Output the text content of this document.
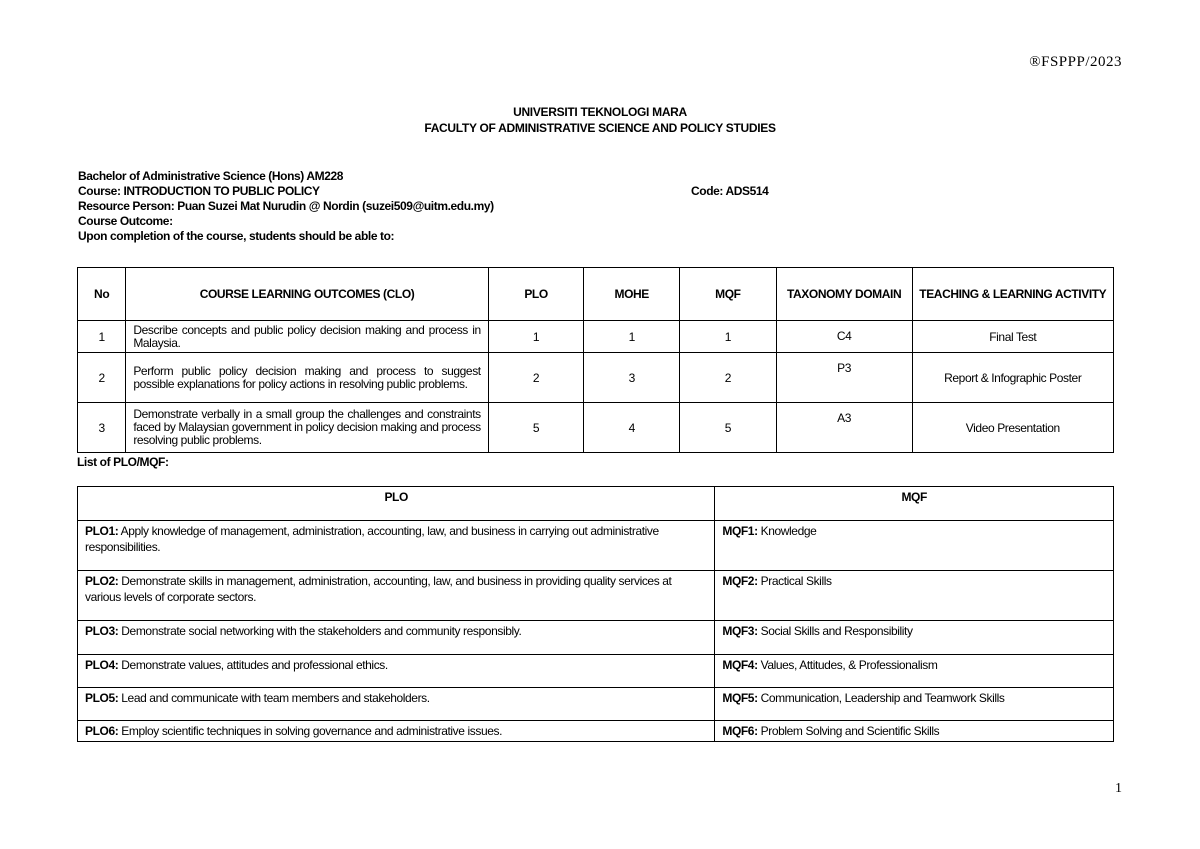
®FSPPP/2023
UNIVERSITI TEKNOLOGI MARA
FACULTY OF ADMINISTRATIVE SCIENCE AND POLICY STUDIES
Bachelor of Administrative Science (Hons) AM228
Course: INTRODUCTION TO PUBLIC POLICY	Code: ADS514
Resource Person: Puan Suzei Mat Nurudin @ Nordin (suzei509@uitm.edu.my)
Course Outcome:
Upon completion of the course, students should be able to:
No	COURSE LEARNING OUTCOMES (CLO)	PLO	MOHE	MQF	TAXONOMY DOMAIN	TEACHING & LEARNING ACTIVITY
1	Describe concepts and public policy decision making and process in Malaysia.	1	1	1	C4	Final Test
2	Perform public policy decision making and process to suggest possible explanations for policy actions in resolving public problems.	2	3	2	P3	Report & Infographic Poster
3	Demonstrate verbally in a small group the challenges and constraints faced by Malaysian government in policy decision making and process resolving public problems.	5	4	5	A3	Video Presentation
List of PLO/MQF:
PLO	MQF
PLO1: Apply knowledge of management, administration, accounting, law, and business in carrying out administrative responsibilities.	MQF1: Knowledge
PLO2: Demonstrate skills in management, administration, accounting, law, and business in providing quality services at various levels of corporate sectors.	MQF2: Practical Skills
PLO3: Demonstrate social networking with the stakeholders and community responsibly.	MQF3: Social Skills and Responsibility
PLO4: Demonstrate values, attitudes and professional ethics.	MQF4: Values, Attitudes, & Professionalism
PLO5: Lead and communicate with team members and stakeholders.	MQF5: Communication, Leadership and Teamwork Skills
PLO6: Employ scientific techniques in solving governance and administrative issues.	MQF6: Problem Solving and Scientific Skills
1
